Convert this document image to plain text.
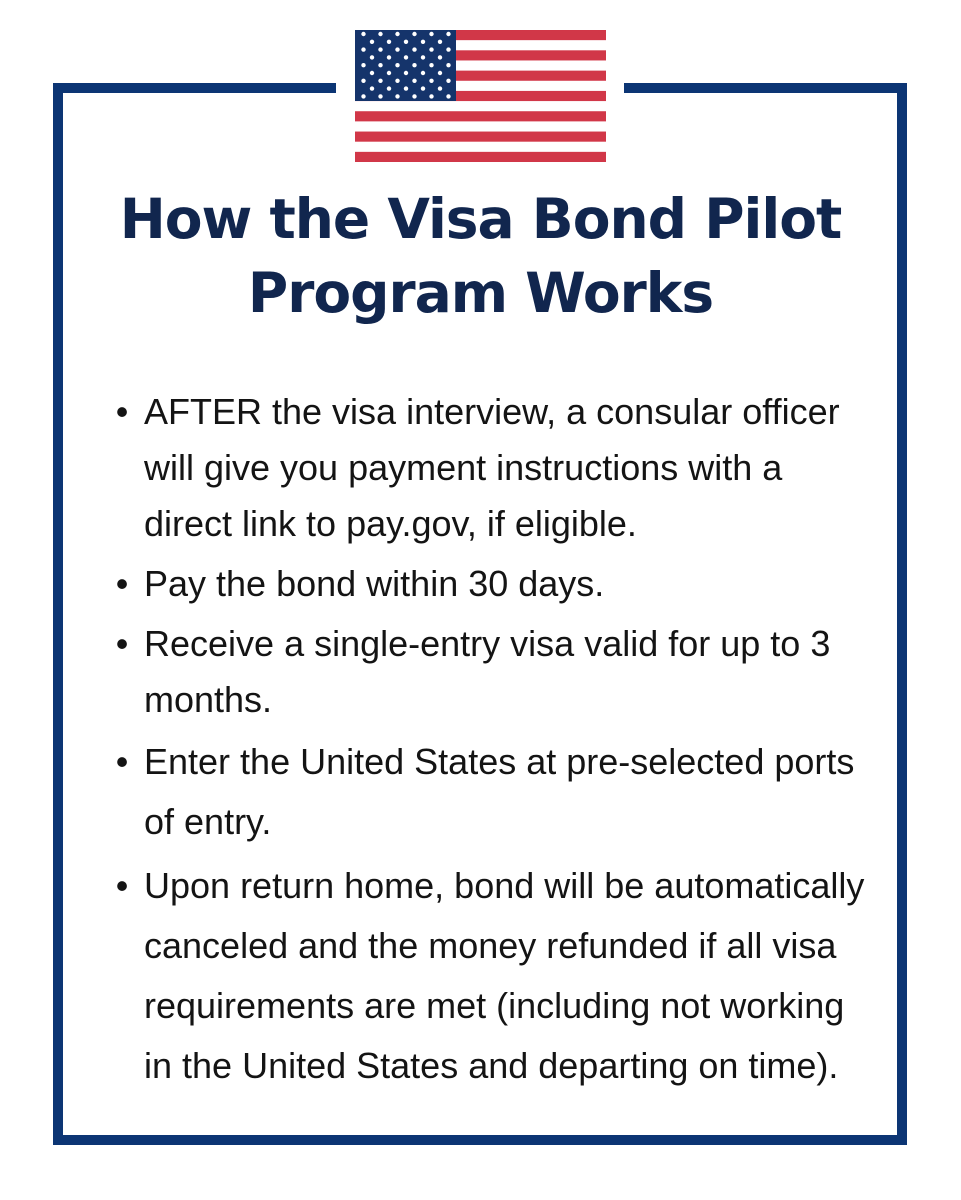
How the Visa Bond Pilot
Program Works
• AFTER the visa interview, a consular officer
will give you payment instructions with a
direct link to pay.gov, if eligible.
• Pay the bond within 30 days.
• Receive a single-entry visa valid for up to 3
months.
• Enter the United States at pre-selected ports
of entry.
• Upon return home, bond will be automatically
canceled and the money refunded if all visa
requirements are met (including not working
in the United States and departing on time).
